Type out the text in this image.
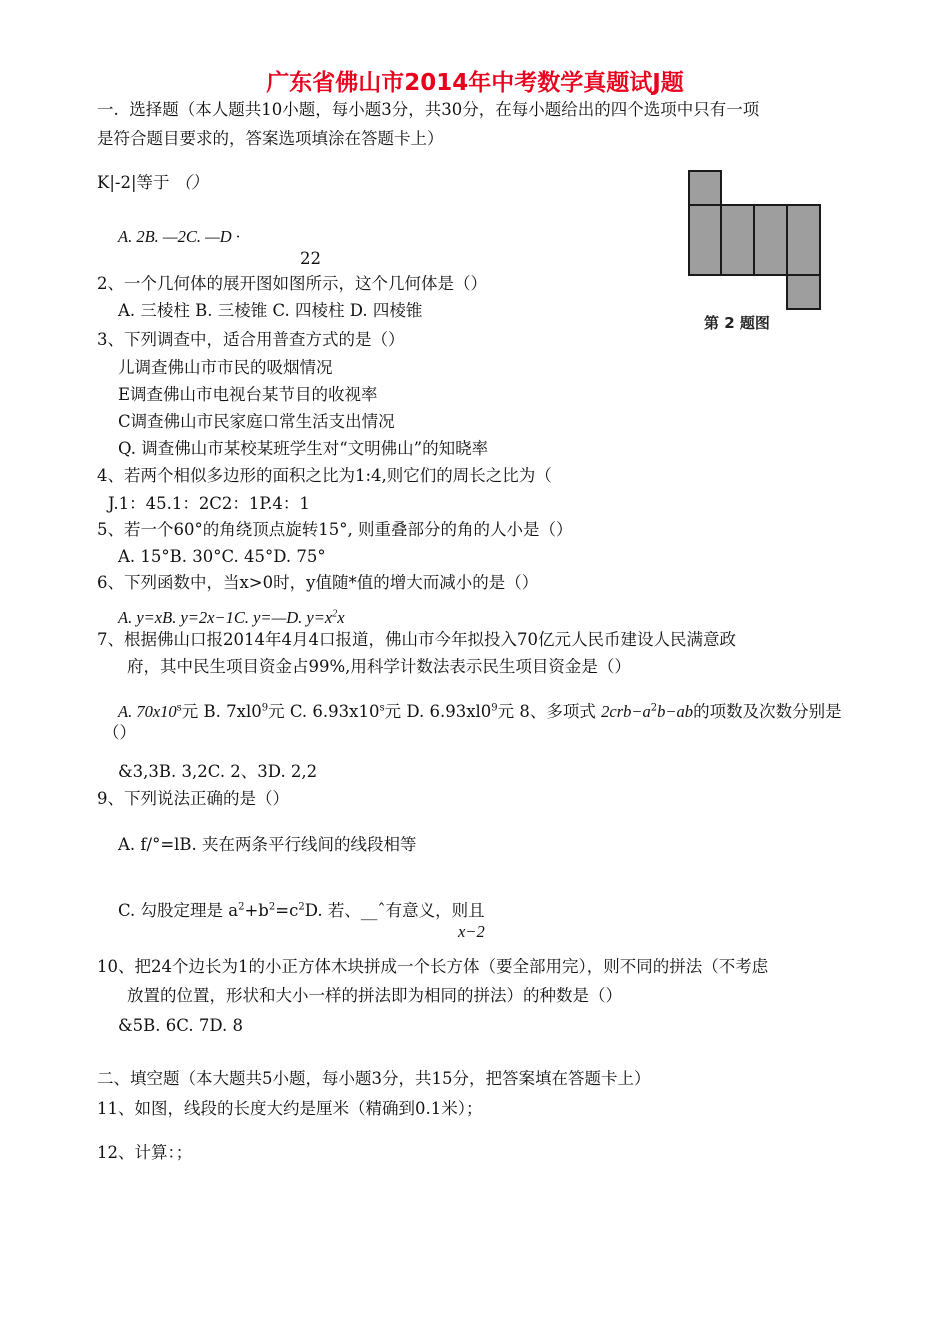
广东省佛山市2014年中考数学真题试J题
一.  选择题（本人题共10小题，每小题3分，共30分，在每小题给出的四个选项中只有一项
是符合题目要求的，答案选项填涂在答题卡上）
K|-2|等于 （）
A. 2B. —2C. —D ·
22
2、一个几何体的展开图如图所示，这个几何体是（）
A. 三棱柱 B. 三棱锥 C. 四棱柱 D. 四棱锥
第 2 题图
3、下列调查中，适合用普查方式的是（）
儿调查佛山市市民的吸烟情况
E调查佛山市电视台某节目的收视率
C调查佛山市民家庭口常生活支出情况
Q. 调查佛山市某校某班学生对“文明佛山”的知晓率
4、若两个相似多边形的面积之比为1:4,则它们的周长之比为（
J.1：45.1：2C2：1P.4：1
5、若一个60°的角绕顶点旋转15°, 则重叠部分的角的人小是（）
A. 15°B. 30°C. 45°D. 75°
6、下列函数中，当x>0时，y值随*值的增大而减小的是（）
A. y=xB. y=2x−1C. y=—D. $y=x^2x$
7、根据佛山口报2014年4月4口报道，佛山市今年拟投入70亿元人民币建设人民满意政
府，其中民生项目资金占99%,用科学计数法表示民生项目资金是（）
A. 70x10$^s$元 B. $7xl0^9$元 C. 6.93x10$^s$元 D. $6.93xl0^9$元 8、多项式 $2crb-a^2b-ab$的项数及次数分别是
（）
&3,3B. 3,2C. 2、3D. 2,2
9、下列说法正确的是（）
A. f/°=lB. 夹在两条平行线间的线段相等
C. 勾股定理是 $a^2+b^2=c^2D$. 若、__ˆ有意义，则且
x−2
10、把24个边长为1的小正方体木块拼成一个长方体（要全部用完），则不同的拼法（不考虑
放置的位置，形状和大小一样的拼法即为相同的拼法）的种数是（）
&5B. 6C. 7D. 8
二、填空题（本大题共5小题，每小题3分，共15分，把答案填在答题卡上）
11、如图，线段的长度大约是厘米（精确到0.1米）；
12、计算：；
